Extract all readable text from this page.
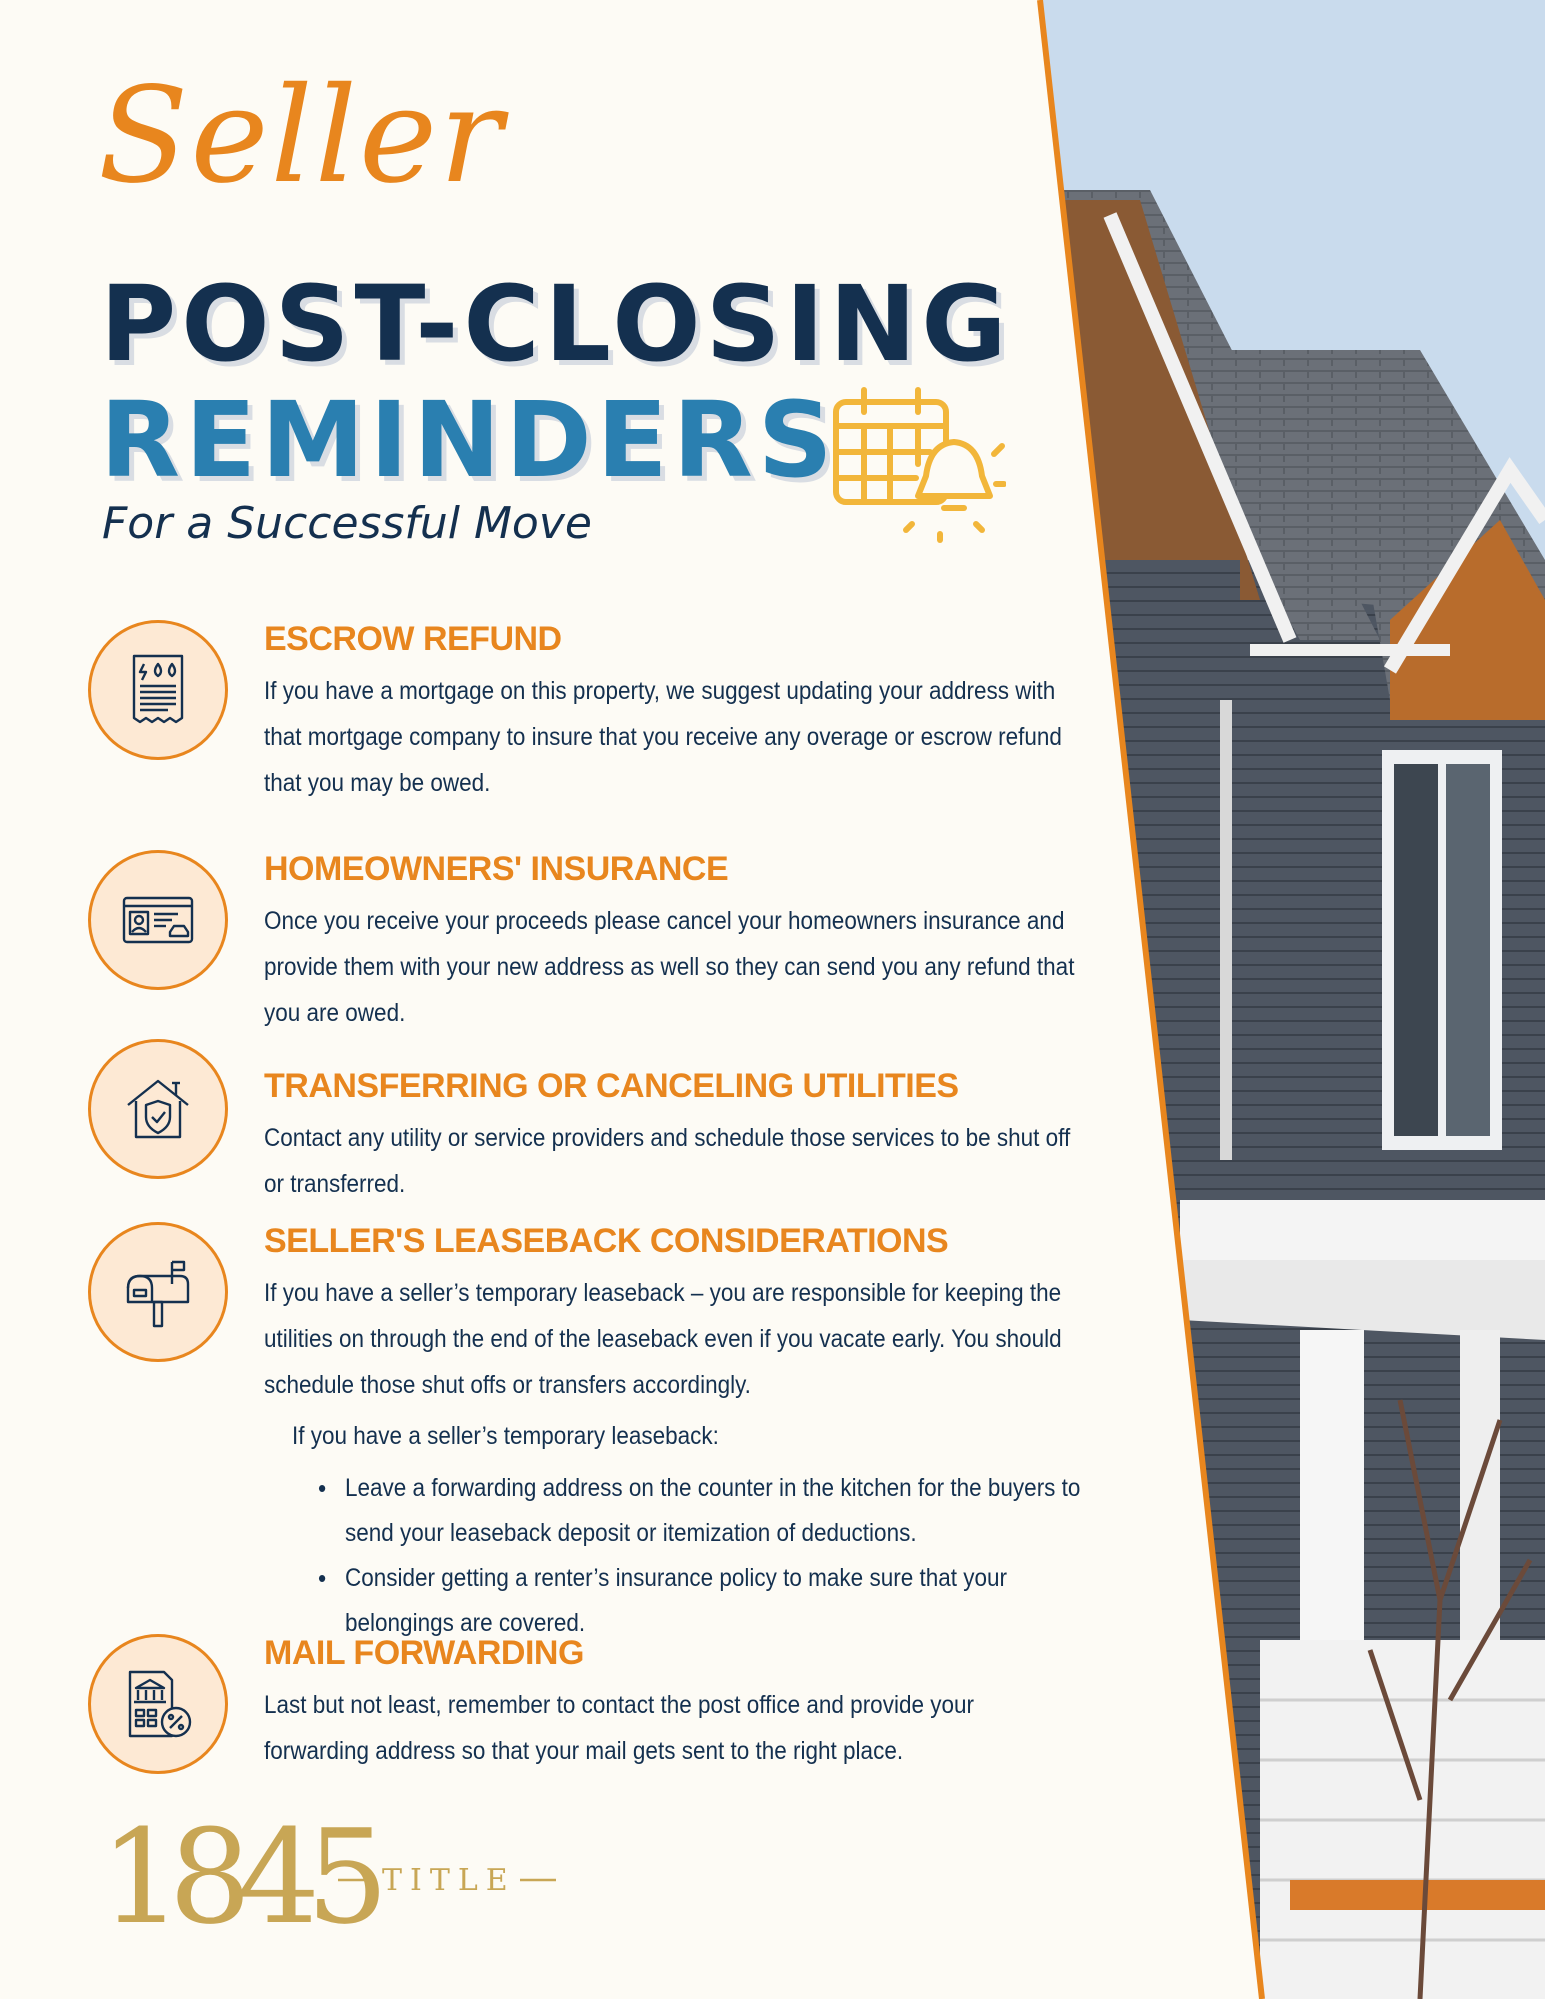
Seller
POST-CLOSING
REMINDERS
For a Successful Move
ESCROW REFUND
If you have a mortgage on this property, we suggest updating your address with that mortgage company to insure that you receive any overage or escrow refund that you may be owed.
HOMEOWNERS' INSURANCE
Once you receive your proceeds please cancel your homeowners insurance and provide them with your new address as well so they can send you any refund that you are owed.
TRANSFERRING OR CANCELING UTILITIES
Contact any utility or service providers and schedule those services to be shut off or transferred.
SELLER'S LEASEBACK CONSIDERATIONS
If you have a seller’s temporary leaseback – you are responsible for keeping the utilities on through the end of the leaseback even if you vacate early. You should schedule those shut offs or transfers accordingly.
If you have a seller’s temporary leaseback:
• Leave a forwarding address on the counter in the kitchen for the buyers to send your leaseback deposit or itemization of deductions.
• Consider getting a renter’s insurance policy to make sure that your belongings are covered.
MAIL FORWARDING
Last but not least, remember to contact the post office and provide your forwarding address so that your mail gets sent to the right place.
1845 TITLE
